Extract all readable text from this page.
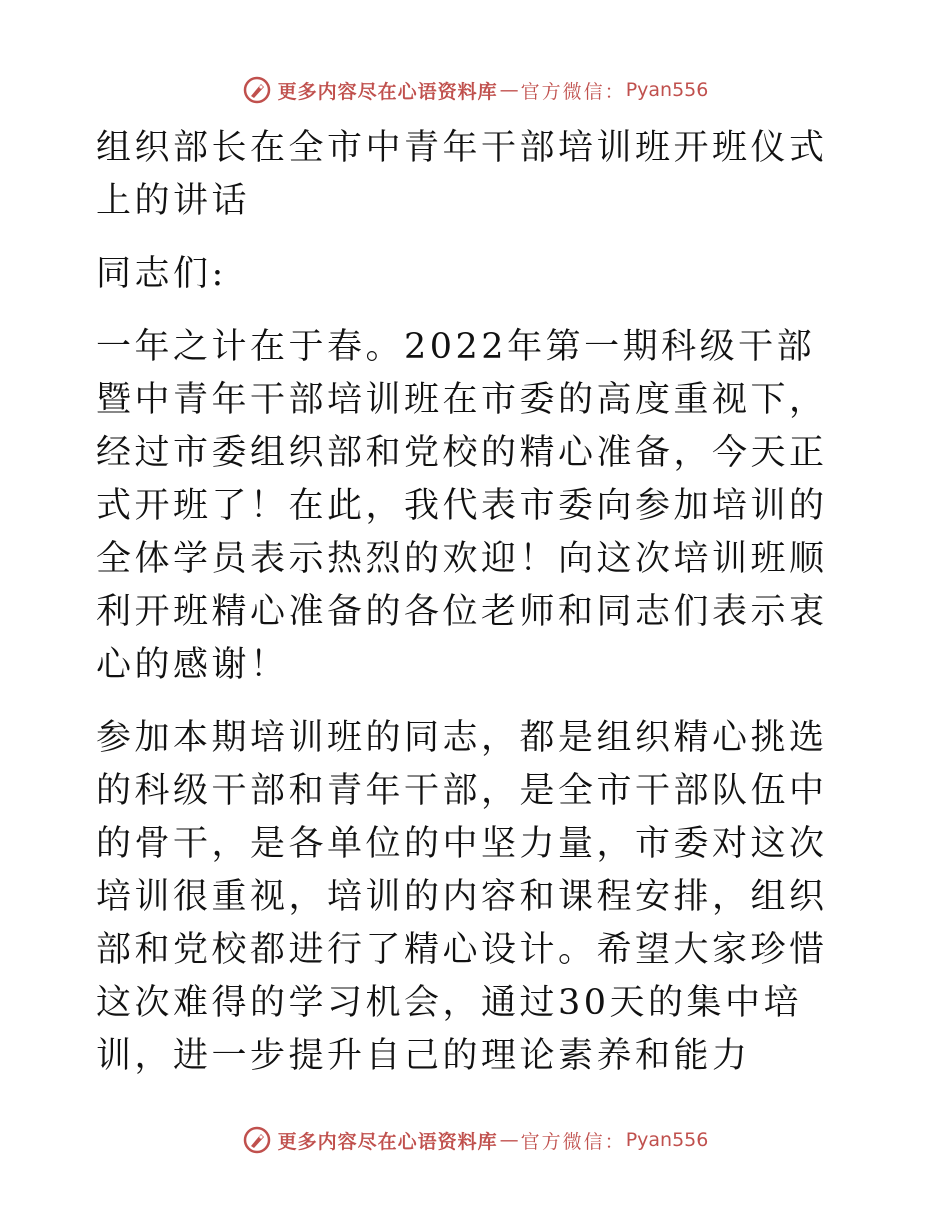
更多内容尽在心语资料库 — 官方微信： Pyan556

组织部长在全市中青年干部培训班开班仪式上的讲话

同志们:

一年之计在于春。2022年第一期科级干部暨中青年干部培训班在市委的高度重视下，经过市委组织部和党校的精心准备，今天正式开班了！在此，我代表市委向参加培训的全体学员表示热烈的欢迎！向这次培训班顺利开班精心准备的各位老师和同志们表示衷心的感谢！

参加本期培训班的同志，都是组织精心挑选的科级干部和青年干部，是全市干部队伍中的骨干，是各单位的中坚力量，市委对这次培训很重视，培训的内容和课程安排，组织部和党校都进行了精心设计。希望大家珍惜这次难得的学习机会，通过30天的集中培训，进一步提升自己的理论素养和能力

更多内容尽在心语资料库 — 官方微信： Pyan556
